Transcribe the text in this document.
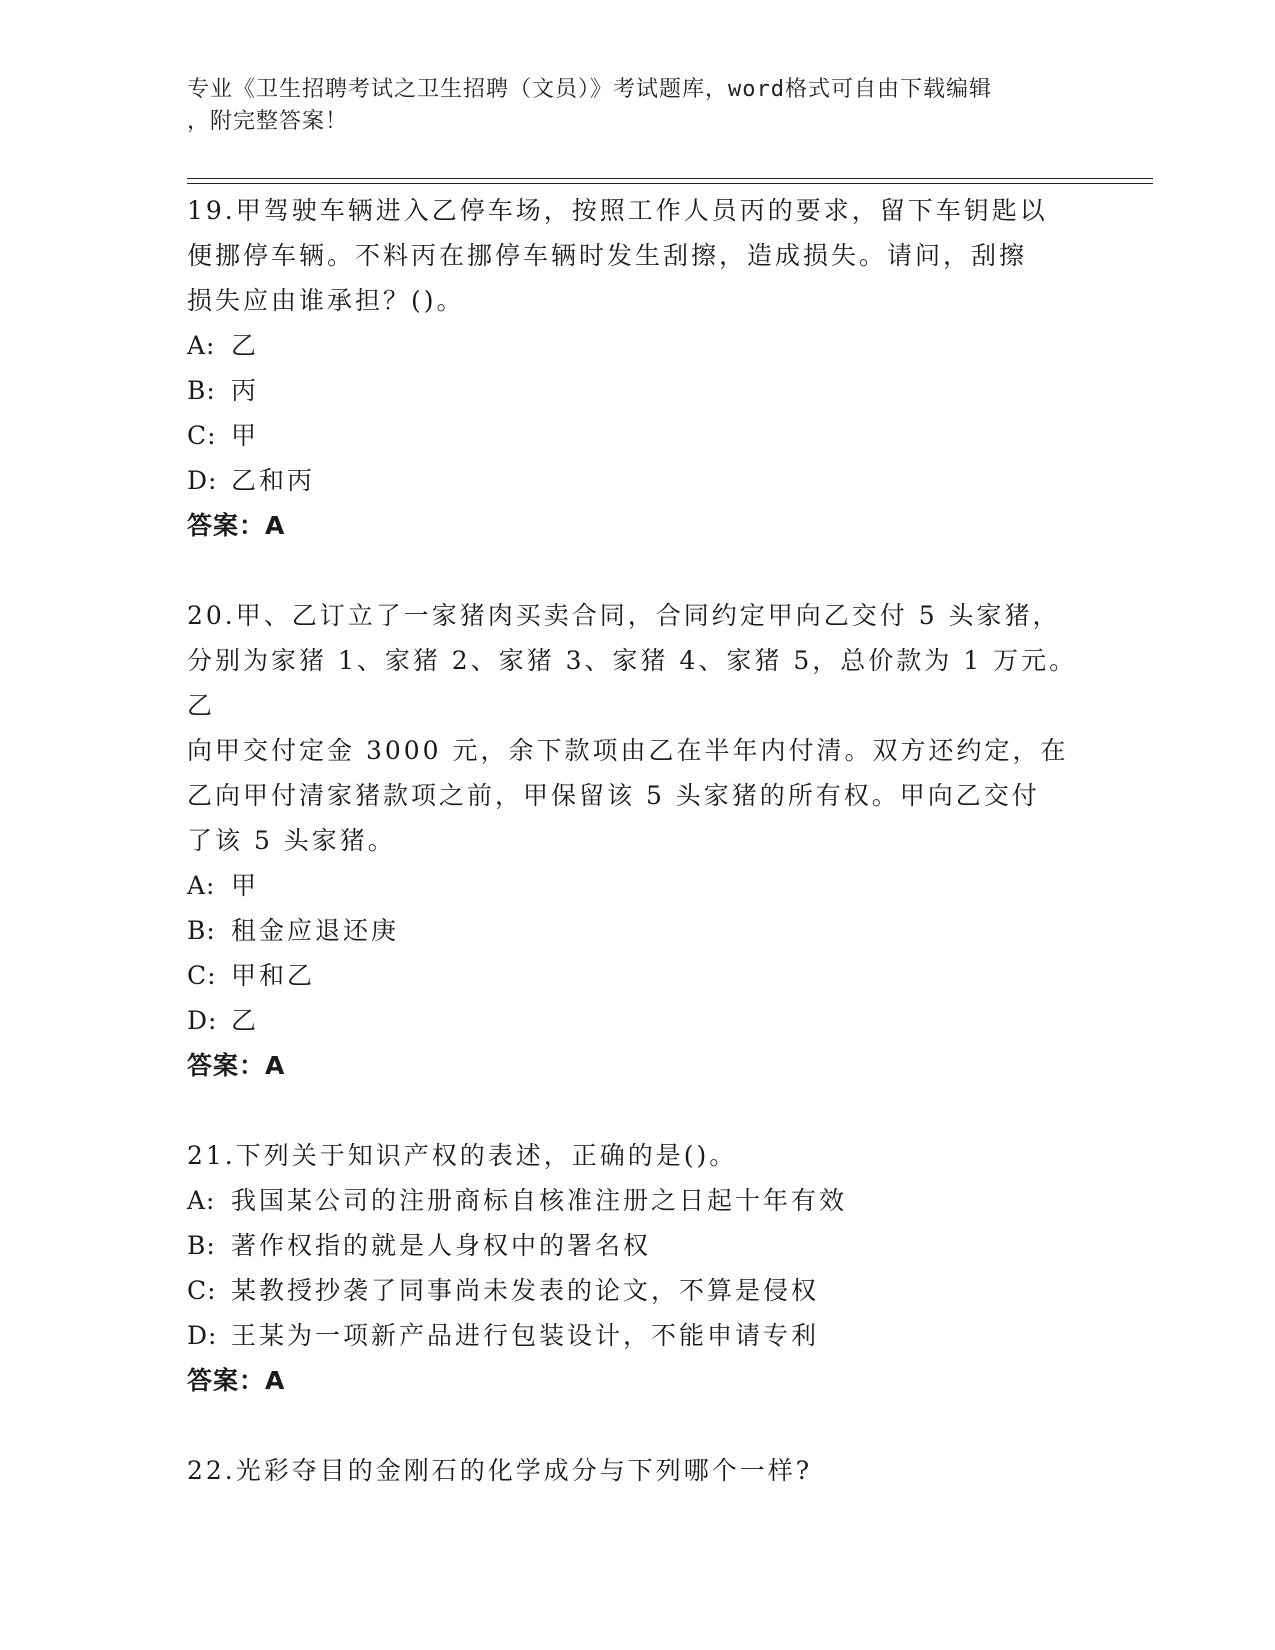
专业《卫生招聘考试之卫生招聘（文员）》考试题库，word格式可自由下载编辑

，附完整答案！

19.甲驾驶车辆进入乙停车场，按照工作人员丙的要求，留下车钥匙以

便挪停车辆。不料丙在挪停车辆时发生刮擦，造成损失。请问，刮擦

损失应由谁承担？()。

A: 乙

B: 丙

C: 甲

D: 乙和丙

答案：A

20.甲、乙订立了一家猪肉买卖合同，合同约定甲向乙交付 5 头家猪，

分别为家猪 1、家猪 2、家猪 3、家猪 4、家猪 5，总价款为 1 万元。乙

向甲交付定金 3000 元，余下款项由乙在半年内付清。双方还约定，在

乙向甲付清家猪款项之前，甲保留该 5 头家猪的所有权。甲向乙交付

了该 5 头家猪。

A: 甲

B: 租金应退还庚

C: 甲和乙

D: 乙

答案：A

21.下列关于知识产权的表述，正确的是()。

A: 我国某公司的注册商标自核准注册之日起十年有效

B: 著作权指的就是人身权中的署名权

C: 某教授抄袭了同事尚未发表的论文，不算是侵权

D: 王某为一项新产品进行包装设计，不能申请专利

答案：A

22.光彩夺目的金刚石的化学成分与下列哪个一样?
